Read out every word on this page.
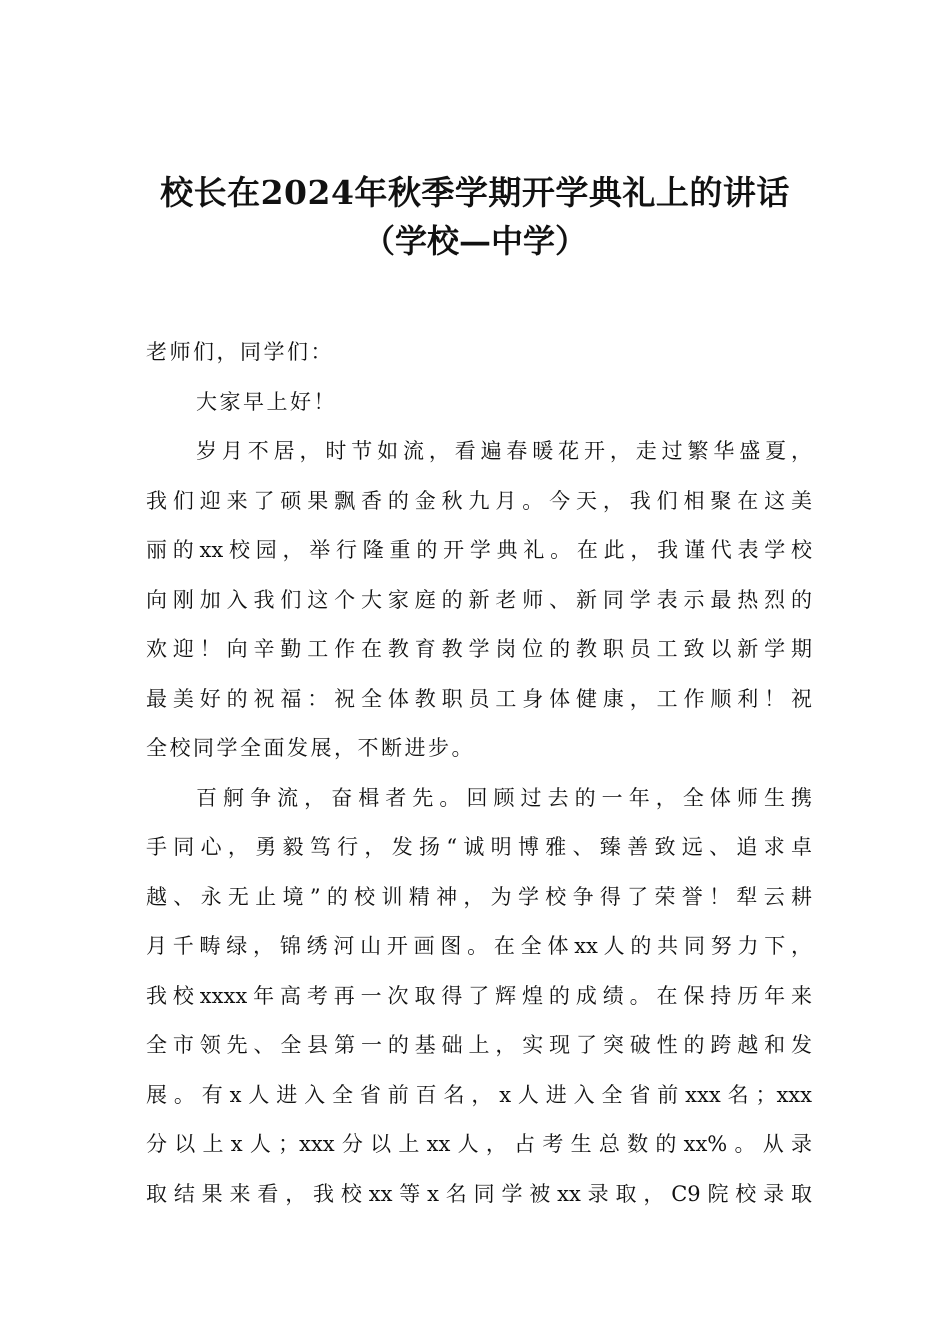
校长在2024年秋季学期开学典礼上的讲话
（学校—中学）
老师们，同学们：
大家早上好！
岁月不居，时节如流，看遍春暖花开，走过繁华盛夏，
我们迎来了硕果飘香的金秋九月。今天，我们相聚在这美
丽的xx校园，举行隆重的开学典礼。在此，我谨代表学校
向刚加入我们这个大家庭的新老师、新同学表示最热烈的
欢迎！向辛勤工作在教育教学岗位的教职员工致以新学期
最美好的祝福：祝全体教职员工身体健康，工作顺利！祝
全校同学全面发展，不断进步。
百舸争流，奋楫者先。回顾过去的一年，全体师生携
手同心，勇毅笃行，发扬“诚明博雅、臻善致远、追求卓
越、永无止境”的校训精神，为学校争得了荣誉！犁云耕
月千畴绿，锦绣河山开画图。在全体xx人的共同努力下，
我校xxxx年高考再一次取得了辉煌的成绩。在保持历年来
全市领先、全县第一的基础上，实现了突破性的跨越和发
展。有x人进入全省前百名，x人进入全省前xxx名；xxx
分以上x人；xxx分以上xx人，占考生总数的xx%。从录
取结果来看，我校xx等x名同学被xx录取，C9院校录取
